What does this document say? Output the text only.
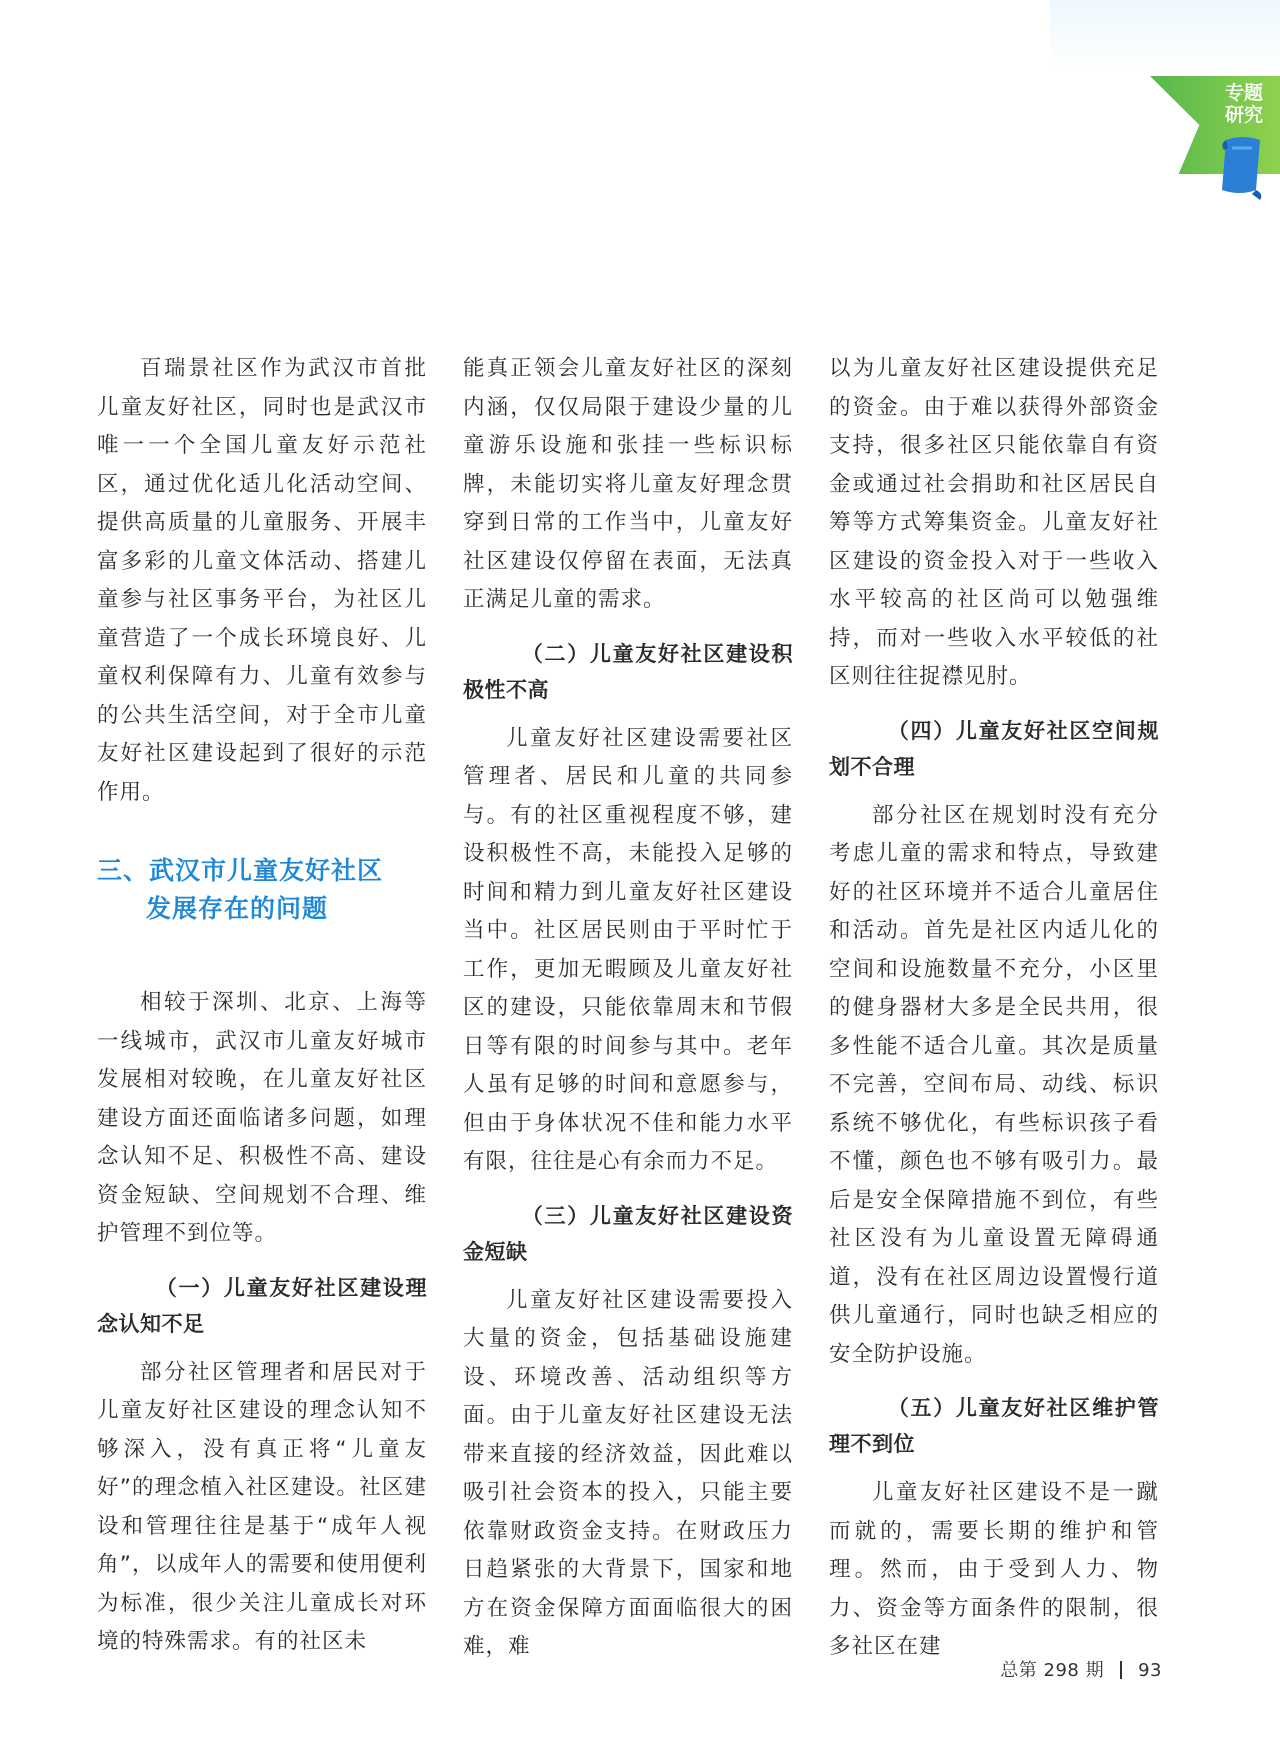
专题
研究

百瑞景社区作为武汉市首批儿童友好社区，同时也是武汉市唯一一个全国儿童友好示范社区，通过优化适儿化活动空间、提供高质量的儿童服务、开展丰富多彩的儿童文体活动、搭建儿童参与社区事务平台，为社区儿童营造了一个成长环境良好、儿童权利保障有力、儿童有效参与的公共生活空间，对于全市儿童友好社区建设起到了很好的示范作用。

三、武汉市儿童友好社区
发展存在的问题

相较于深圳、北京、上海等一线城市，武汉市儿童友好城市发展相对较晚，在儿童友好社区建设方面还面临诸多问题，如理念认知不足、积极性不高、建设资金短缺、空间规划不合理、维护管理不到位等。

（一）儿童友好社区建设理念认知不足

部分社区管理者和居民对于儿童友好社区建设的理念认知不够深入，没有真正将“儿童友好”的理念植入社区建设。社区建设和管理往往是基于“成年人视角”，以成年人的需要和使用便利为标准，很少关注儿童成长对环境的特殊需求。有的社区未

能真正领会儿童友好社区的深刻内涵，仅仅局限于建设少量的儿童游乐设施和张挂一些标识标牌，未能切实将儿童友好理念贯穿到日常的工作当中，儿童友好社区建设仅停留在表面，无法真正满足儿童的需求。

（二）儿童友好社区建设积极性不高

儿童友好社区建设需要社区管理者、居民和儿童的共同参与。有的社区重视程度不够，建设积极性不高，未能投入足够的时间和精力到儿童友好社区建设当中。社区居民则由于平时忙于工作，更加无暇顾及儿童友好社区的建设，只能依靠周末和节假日等有限的时间参与其中。老年人虽有足够的时间和意愿参与，但由于身体状况不佳和能力水平有限，往往是心有余而力不足。

（三）儿童友好社区建设资金短缺

儿童友好社区建设需要投入大量的资金，包括基础设施建设、环境改善、活动组织等方面。由于儿童友好社区建设无法带来直接的经济效益，因此难以吸引社会资本的投入，只能主要依靠财政资金支持。在财政压力日趋紧张的大背景下，国家和地方在资金保障方面面临很大的困难，难

以为儿童友好社区建设提供充足的资金。由于难以获得外部资金支持，很多社区只能依靠自有资金或通过社会捐助和社区居民自筹等方式筹集资金。儿童友好社区建设的资金投入对于一些收入水平较高的社区尚可以勉强维持，而对一些收入水平较低的社区则往往捉襟见肘。

（四）儿童友好社区空间规划不合理

部分社区在规划时没有充分考虑儿童的需求和特点，导致建好的社区环境并不适合儿童居住和活动。首先是社区内适儿化的空间和设施数量不充分，小区里的健身器材大多是全民共用，很多性能不适合儿童。其次是质量不完善，空间布局、动线、标识系统不够优化，有些标识孩子看不懂，颜色也不够有吸引力。最后是安全保障措施不到位，有些社区没有为儿童设置无障碍通道，没有在社区周边设置慢行道供儿童通行，同时也缺乏相应的安全防护设施。

（五）儿童友好社区维护管理不到位

儿童友好社区建设不是一蹴而就的，需要长期的维护和管理。然而，由于受到人力、物力、资金等方面条件的限制，很多社区在建

总第 298 期 93
